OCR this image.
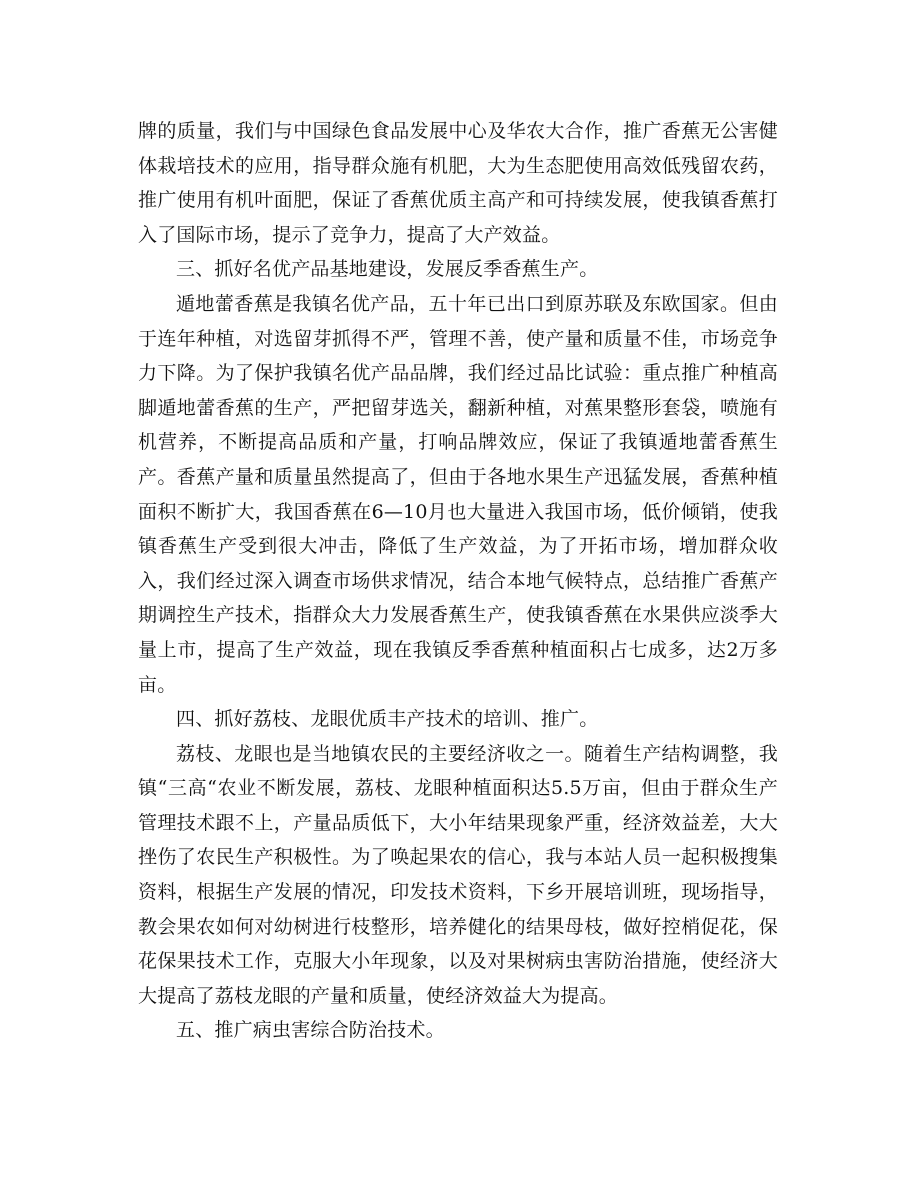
牌的质量，我们与中国绿色食品发展中心及华农大合作，推广香蕉无公害健体栽培技术的应用，指导群众施有机肥，大为生态肥使用高效低残留农药，推广使用有机叶面肥，保证了香蕉优质主高产和可持续发展，使我镇香蕉打入了国际市场，提示了竞争力，提高了大产效益。

三、抓好名优产品基地建设，发展反季香蕉生产。

遁地蕾香蕉是我镇名优产品，五十年已出口到原苏联及东欧国家。但由于连年种植，对选留芽抓得不严，管理不善，使产量和质量不佳，市场竞争力下降。为了保护我镇名优产品品牌，我们经过品比试验：重点推广种植高脚遁地蕾香蕉的生产，严把留芽选关，翻新种植，对蕉果整形套袋，喷施有机营养，不断提高品质和产量，打响品牌效应，保证了我镇遁地蕾香蕉生产。香蕉产量和质量虽然提高了，但由于各地水果生产迅猛发展，香蕉种植面积不断扩大，我国香蕉在6—10月也大量进入我国市场，低价倾销，使我镇香蕉生产受到很大冲击，降低了生产效益，为了开拓市场，增加群众收入，我们经过深入调查市场供求情况，结合本地气候特点，总结推广香蕉产期调控生产技术，指群众大力发展香蕉生产，使我镇香蕉在水果供应淡季大量上市，提高了生产效益，现在我镇反季香蕉种植面积占七成多，达2万多亩。

四、抓好荔枝、龙眼优质丰产技术的培训、推广。

荔枝、龙眼也是当地镇农民的主要经济收之一。随着生产结构调整，我镇“三高“农业不断发展，荔枝、龙眼种植面积达5.5万亩，但由于群众生产管理技术跟不上，产量品质低下，大小年结果现象严重，经济效益差，大大挫伤了农民生产积极性。为了唤起果农的信心，我与本站人员一起积极搜集资料，根据生产发展的情况，印发技术资料，下乡开展培训班，现场指导，教会果农如何对幼树进行枝整形，培养健化的结果母枝，做好控梢促花，保花保果技术工作，克服大小年现象，以及对果树病虫害防治措施，使经济大大提高了荔枝龙眼的产量和质量，使经济效益大为提高。

五、推广病虫害综合防治技术。
